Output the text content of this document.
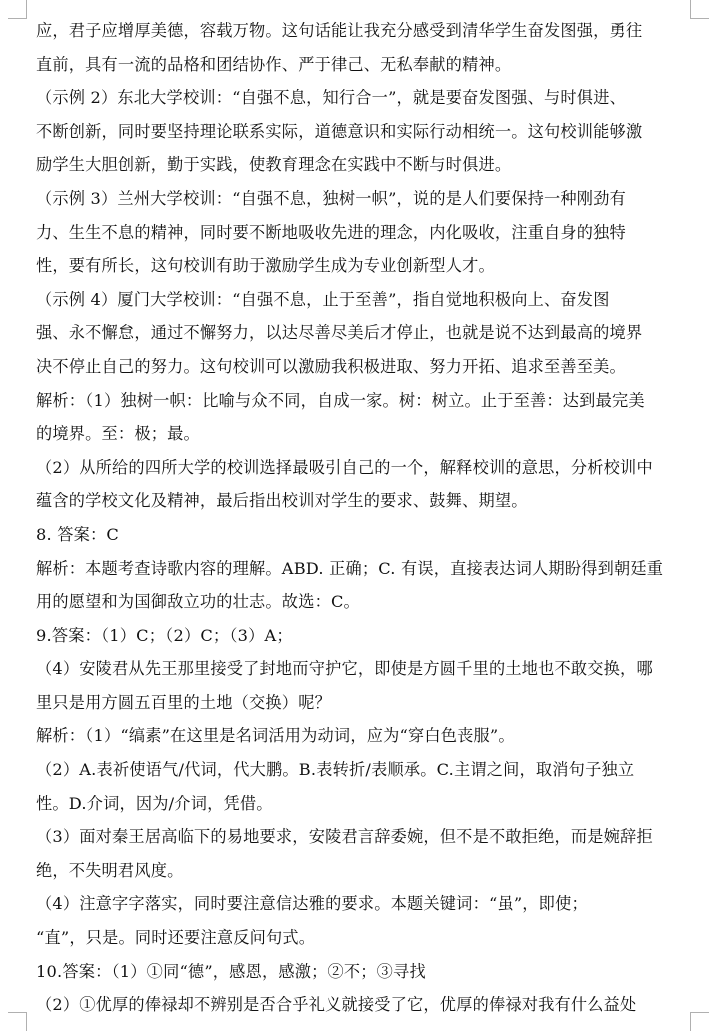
应，君子应增厚美德，容载万物。这句话能让我充分感受到清华学生奋发图强，勇往
直前，具有一流的品格和团结协作、严于律己、无私奉献的精神。
（示例 2）东北大学校训：“自强不息，知行合一”，就是要奋发图强、与时俱进、
不断创新，同时要坚持理论联系实际，道德意识和实际行动相统一。这句校训能够激
励学生大胆创新，勤于实践，使教育理念在实践中不断与时俱进。
（示例 3）兰州大学校训：“自强不息，独树一帜”，说的是人们要保持一种刚劲有
力、生生不息的精神，同时要不断地吸收先进的理念，内化吸收，注重自身的独特
性，要有所长，这句校训有助于激励学生成为专业创新型人才。
（示例 4）厦门大学校训：“自强不息，止于至善”，指自觉地积极向上、奋发图
强、永不懈怠，通过不懈努力，以达尽善尽美后才停止，也就是说不达到最高的境界
决不停止自己的努力。这句校训可以激励我积极进取、努力开拓、追求至善至美。
解析：（1）独树一帜：比喻与众不同，自成一家。树：树立。止于至善：达到最完美
的境界。至：极；最。
（2）从所给的四所大学的校训选择最吸引自己的一个，解释校训的意思，分析校训中
蕴含的学校文化及精神，最后指出校训对学生的要求、鼓舞、期望。
8. 答案：C
解析：本题考查诗歌内容的理解。ABD. 正确；C. 有误，直接表达词人期盼得到朝廷重
用的愿望和为国御敌立功的壮志。故选：C。
9.答案：（1）C；（2）C；（3）A；
（4）安陵君从先王那里接受了封地而守护它，即使是方圆千里的土地也不敢交换，哪
里只是用方圆五百里的土地（交换）呢？
解析：（1）“缟素”在这里是名词活用为动词，应为“穿白色丧服”。
（2）A.表祈使语气/代词，代大鹏。B.表转折/表顺承。C.主谓之间，取消句子独立
性。D.介词，因为/介词，凭借。
（3）面对秦王居高临下的易地要求，安陵君言辞委婉，但不是不敢拒绝，而是婉辞拒
绝，不失明君风度。
（4）注意字字落实，同时要注意信达雅的要求。本题关键词：“虽”，即使；
“直”，只是。同时还要注意反问句式。
10.答案：（1）①同“德”，感恩，感激；②不；③寻找
（2）①优厚的俸禄却不辨别是否合乎礼义就接受了它，优厚的俸禄对我有什么益处
